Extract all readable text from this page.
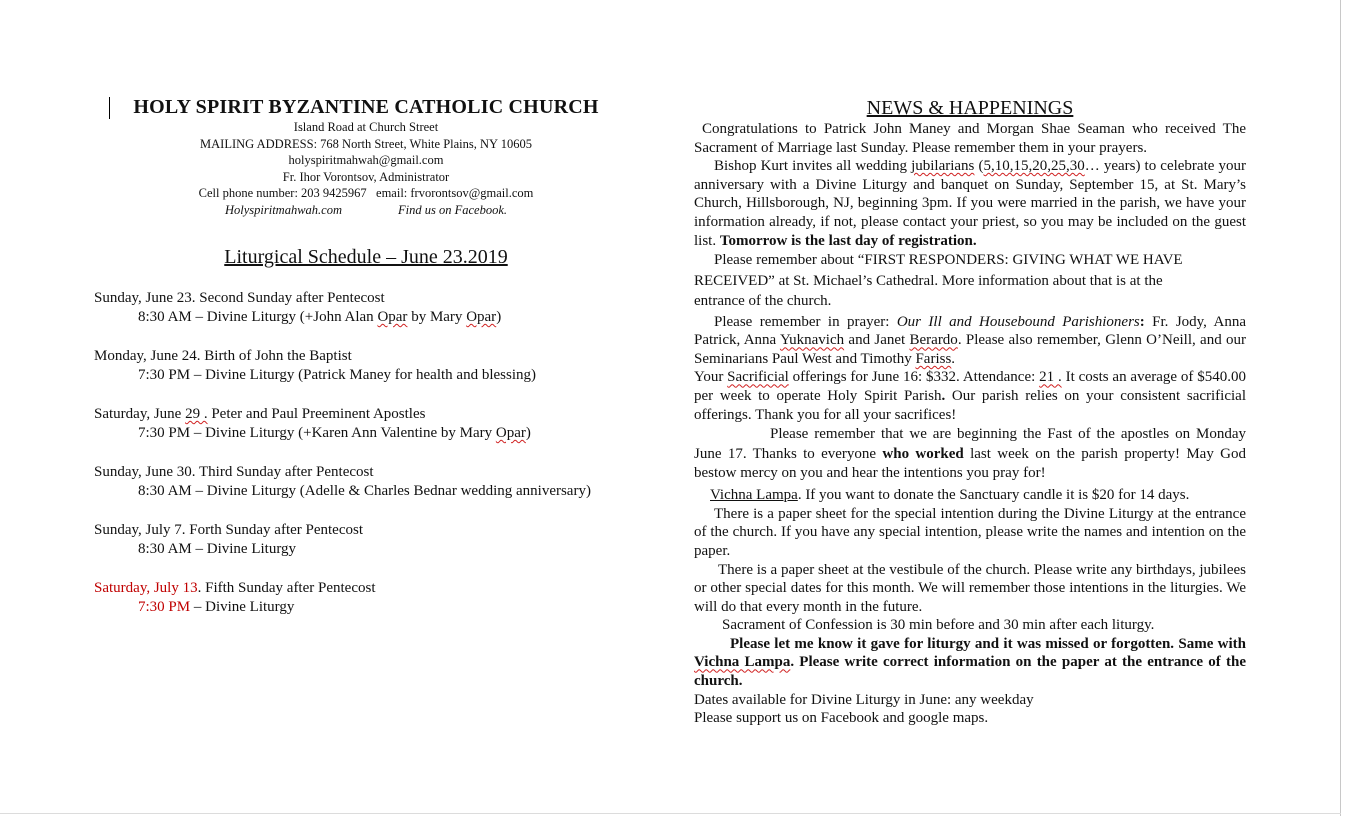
HOLY SPIRIT BYZANTINE CATHOLIC CHURCH
Island Road at Church Street
MAILING ADDRESS: 768 North Street, White Plains, NY 10605
holyspiritmahwah@gmail.com
Fr. Ihor Vorontsov, Administrator
Cell phone number: 203 9425967   email: frvorontsov@gmail.com
Holyspiritmahwah.com	Find us on Facebook.
Liturgical Schedule – June 23.2019
Sunday, June 23. Second Sunday after Pentecost
8:30 AM – Divine Liturgy (+John Alan Opar by Mary Opar)
Monday, June 24. Birth of John the Baptist
7:30 PM – Divine Liturgy (Patrick Maney for health and blessing)
Saturday, June 29 . Peter and Paul Preeminent Apostles
7:30 PM – Divine Liturgy (+Karen Ann Valentine by Mary Opar)
Sunday, June 30. Third Sunday after Pentecost
8:30 AM – Divine Liturgy (Adelle & Charles Bednar wedding anniversary)
Sunday, July 7. Forth Sunday after Pentecost
8:30 AM – Divine Liturgy
Saturday, July 13. Fifth Sunday after Pentecost
7:30 PM – Divine Liturgy
NEWS & HAPPENINGS

Congratulations to Patrick John Maney and Morgan Shae Seaman who received The Sacrament of Marriage last Sunday. Please remember them in your prayers.

Bishop Kurt invites all wedding jubilarians (5,10,15,20,25,30… years) to celebrate your anniversary with a Divine Liturgy and banquet on Sunday, September 15, at St. Mary’s Church, Hillsborough, NJ, beginning 3pm. If you were married in the parish, we have your information already, if not, please contact your priest, so you may be included on the guest list. Tomorrow is the last day of registration.

Please remember about “FIRST RESPONDERS: GIVING WHAT WE HAVE RECEIVED” at St. Michael’s Cathedral. More information about that is at the entrance of the church.

Please remember in prayer: Our Ill and Housebound Parishioners: Fr. Jody, Anna Patrick, Anna Yuknavich and Janet Berardo. Please also remember, Glenn O’Neill, and our Seminarians Paul West and Timothy Fariss.

Your Sacrificial offerings for June 16: $332. Attendance: 21 . It costs an average of $540.00 per week to operate Holy Spirit Parish. Our parish relies on your consistent sacrificial offerings. Thank you for all your sacrifices!

Please remember that we are beginning the Fast of the apostles on Monday June 17. Thanks to everyone who worked last week on the parish property! May God bestow mercy on you and hear the intentions you pray for!

Vichna Lampa. If you want to donate the Sanctuary candle it is $20 for 14 days.

There is a paper sheet for the special intention during the Divine Liturgy at the entrance of the church. If you have any special intention, please write the names and intention on the paper.

There is a paper sheet at the vestibule of the church. Please write any birthdays, jubilees or other special dates for this month. We will remember those intentions in the liturgies. We will do that every month in the future.

Sacrament of Confession is 30 min before and 30 min after each liturgy.

Please let me know it gave for liturgy and it was missed or forgotten. Same with Vichna Lampa. Please write correct information on the paper at the entrance of the church.

Dates available for Divine Liturgy in June: any weekday

Please support us on Facebook and google maps.
